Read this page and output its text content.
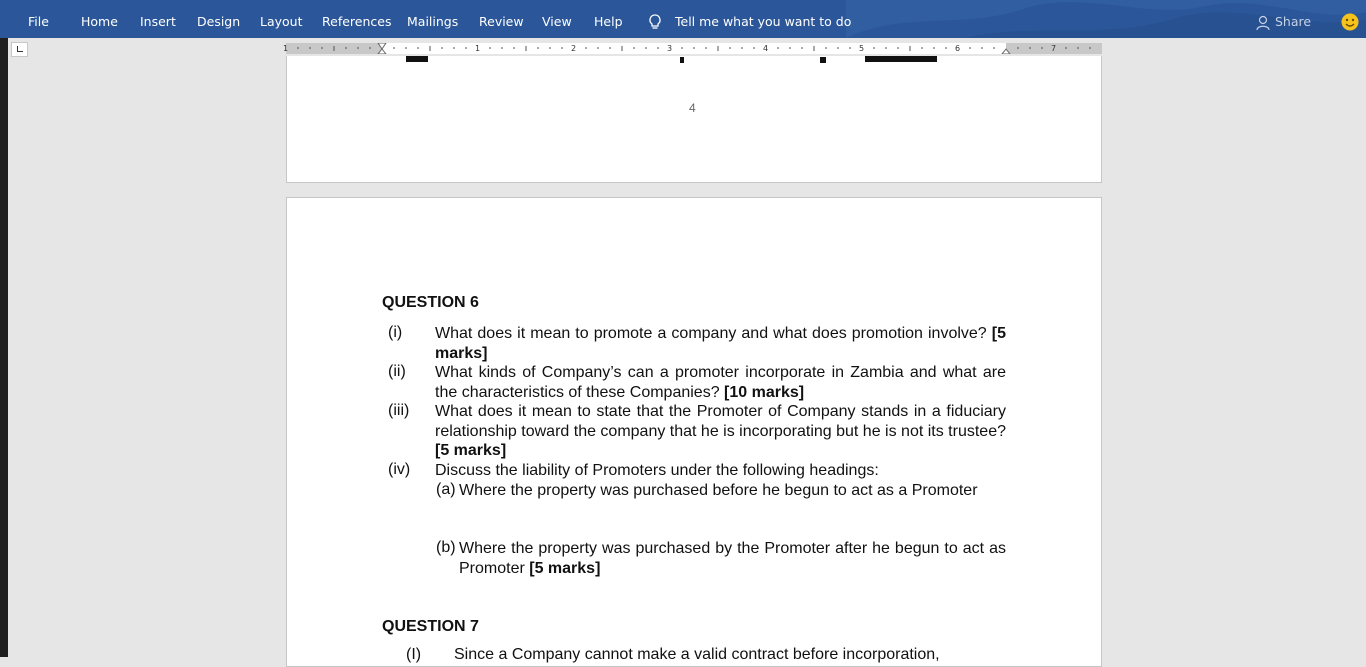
File	Home Insert Design Layout References Mailings Review View Help	Tell me what you want to do	Share
1	1	2	3	4	5	6	7
4
QUESTION 6
(i) What does it mean to promote a company and what does promotion involve? [5 marks]
(ii) What kinds of Company’s can a promoter incorporate in Zambia and what are the characteristics of these Companies? [10 marks]
(iii) What does it mean to state that the Promoter of Company stands in a fiduciary relationship toward the company that he is incorporating but he is not its trustee? [5 marks]
(iv) Discuss the liability of Promoters under the following headings:
(a) Where the property was purchased before he begun to act as a Promoter
(b) Where the property was purchased by the Promoter after he begun to act as Promoter [5 marks]
QUESTION 7
(I) Since a Company cannot make a valid contract before incorporation,
